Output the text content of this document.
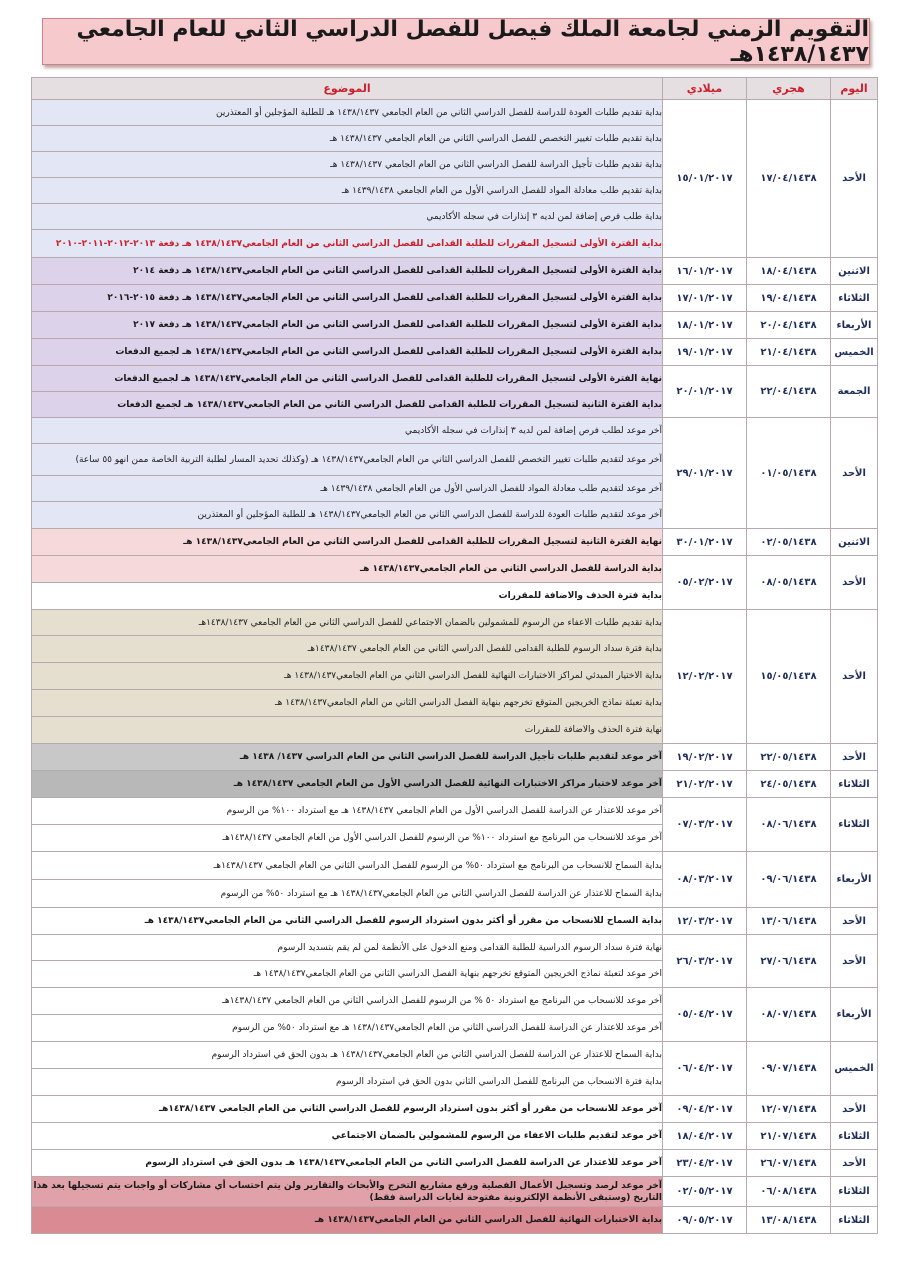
التقويم الزمني لجامعة الملك فيصل للفصل الدراسي الثاني للعام الجامعي ١٤٣٨/١٤٣٧هـ
اليوم	هجري	ميلادي	الموضوع
الأحد	١٧/٠٤/١٤٣٨	١٥/٠١/٢٠١٧	بداية تقديم طلبات العودة للدراسة للفصل الدراسي الثاني من العام الجامعي ١٤٣٨/١٤٣٧ هـ للطلبة المؤجلين أو المعتذرين
			بداية تقديم طلبات تغيير التخصص للفصل الدراسي الثاني من العام الجامعي ١٤٣٨/١٤٣٧ هـ
			بداية تقديم طلبات تأجيل الدراسة للفصل الدراسي الثاني من العام الجامعي ١٤٣٨/١٤٣٧ هـ
			بداية تقديم طلب معادلة المواد للفصل الدراسي الأول من العام الجامعي ١٤٣٩/١٤٣٨ هـ
			بداية طلب فرص إضافة لمن لديه ٣ إنذارات في سجله الأكاديمي
			بداية الفترة الأولى لتسجيل المقررات للطلبة القدامى للفصل الدراسي الثاني من العام الجامعي١٤٣٨/١٤٣٧ هـ دفعة ٢٠١٣-٢٠١٢-٢٠١١-٢٠١٠
الاثنين	١٨/٠٤/١٤٣٨	١٦/٠١/٢٠١٧	بداية الفترة الأولى لتسجيل المقررات للطلبة القدامى للفصل الدراسي الثاني من العام الجامعي١٤٣٨/١٤٣٧ هـ دفعة ٢٠١٤
الثلاثاء	١٩/٠٤/١٤٣٨	١٧/٠١/٢٠١٧	بداية الفترة الأولى لتسجيل المقررات للطلبة القدامى للفصل الدراسي الثاني من العام الجامعي١٤٣٨/١٤٣٧ هـ دفعة ٢٠١٥-٢٠١٦
الأربعاء	٢٠/٠٤/١٤٣٨	١٨/٠١/٢٠١٧	بداية الفترة الأولى لتسجيل المقررات للطلبة القدامى للفصل الدراسي الثاني من العام الجامعي١٤٣٨/١٤٣٧ هـ دفعة ٢٠١٧
الخميس	٢١/٠٤/١٤٣٨	١٩/٠١/٢٠١٧	بداية الفترة الأولى لتسجيل المقررات للطلبة القدامى للفصل الدراسي الثاني من العام الجامعي١٤٣٨/١٤٣٧ هـ لجميع الدفعات
الجمعة	٢٢/٠٤/١٤٣٨	٢٠/٠١/٢٠١٧	نهاية الفترة الأولى لتسجيل المقررات للطلبة القدامى للفصل الدراسي الثاني من العام الجامعي١٤٣٨/١٤٣٧ هـ لجميع الدفعات
			بداية الفترة الثانية لتسجيل المقررات للطلبة القدامى للفصل الدراسي الثاني من العام الجامعي١٤٣٨/١٤٣٧ هـ لجميع الدفعات
الأحد	٠١/٠٥/١٤٣٨	٢٩/٠١/٢٠١٧	آخر موعد لطلب فرص إضافة لمن لديه ٣ إنذارات في سجله الأكاديمي
			آخر موعد لتقديم طلبات تغيير التخصص للفصل الدراسي الثاني من العام الجامعي١٤٣٨/١٤٣٧ هـ (وكذلك تحديد المسار لطلبة التربية الخاصة ممن انهو ٥٥ ساعة)
			آخر موعد لتقديم طلب معادلة المواد للفصل الدراسي الأول من العام الجامعي ١٤٣٩/١٤٣٨ هـ
			آخر موعد لتقديم طلبات العودة للدراسة للفصل الدراسي الثاني من العام الجامعي١٤٣٨/١٤٣٧ هـ للطلبة المؤجلين أو المعتذرين
الاثنين	٠٢/٠٥/١٤٣٨	٣٠/٠١/٢٠١٧	نهاية الفترة الثانية لتسجيل المقررات للطلبة القدامى للفصل الدراسي الثاني من العام الجامعي١٤٣٨/١٤٣٧ هـ
الأحد	٠٨/٠٥/١٤٣٨	٠٥/٠٢/٢٠١٧	بداية الدراسة للفصل الدراسي الثاني من العام الجامعي١٤٣٨/١٤٣٧ هـ
			بداية فترة الحذف والاضافة للمقررات
الأحد	١٥/٠٥/١٤٣٨	١٢/٠٢/٢٠١٧	بداية تقديم طلبات الاعفاء من الرسوم للمشمولين بالضمان الاجتماعي للفصل الدراسي الثاني من العام الجامعي ١٤٣٨/١٤٣٧هـ
			بداية فترة سداد الرسوم للطلبة القدامى للفصل الدراسي الثاني من العام الجامعي ١٤٣٨/١٤٣٧هـ
			بداية الاختيار المبدئي لمراكز الاختبارات النهائية للفصل الدراسي الثاني من العام الجامعي١٤٣٨/١٤٣٧ هـ
			بداية تعبئة نماذج الخريجين المتوقع تخرجهم بنهاية الفصل الدراسي الثاني من العام الجامعي١٤٣٨/١٤٣٧ هـ
			نهاية فترة الحذف والاضافة للمقررات
الأحد	٢٢/٠٥/١٤٣٨	١٩/٠٢/٢٠١٧	آخر موعد لتقديم طلبات تأجيل الدراسة للفصل الدراسي الثاني من العام الدراسي ١٤٣٧/ ١٤٣٨ هـ
الثلاثاء	٢٤/٠٥/١٤٣٨	٢١/٠٢/٢٠١٧	آخر موعد لاختيار مراكز الاختبارات النهائية للفصل الدراسي الأول من العام الجامعي ١٤٣٨/١٤٣٧ هـ
الثلاثاء	٠٨/٠٦/١٤٣٨	٠٧/٠٣/٢٠١٧	آخر موعد للاعتذار عن الدراسة للفصل الدراسي الأول من العام الجامعي ١٤٣٨/١٤٣٧ هـ مع استرداد ١٠٠% من الرسوم
			آخر موعد للانسحاب من البرنامج مع استرداد ١٠٠% من الرسوم للفصل الدراسي الأول من العام الجامعي ١٤٣٨/١٤٣٧هـ
الأربعاء	٠٩/٠٦/١٤٣٨	٠٨/٠٣/٢٠١٧	بداية السماح للانسحاب من البرنامج مع استرداد ٥٠% من الرسوم للفصل الدراسي الثاني من العام الجامعي ١٤٣٨/١٤٣٧هـ
			بداية السماح للاعتذار عن الدراسة للفصل الدراسي الثاني من العام الجامعي١٤٣٨/١٤٣٧ هـ مع استرداد ٥٠% من الرسوم
الأحد	١٣/٠٦/١٤٣٨	١٢/٠٣/٢٠١٧	بداية السماح للانسحاب من مقرر أو أكثر بدون استرداد الرسوم للفصل الدراسي الثاني من العام الجامعي١٤٣٨/١٤٣٧ هـ
الأحد	٢٧/٠٦/١٤٣٨	٢٦/٠٣/٢٠١٧	نهاية فترة سداد الرسوم الدراسية للطلبة القدامى ومنع الدخول على الأنظمة لمن لم يقم بتسديد الرسوم
			اخر موعد لتعبئة نماذج الخريجين المتوقع تخرجهم بنهاية الفصل الدراسي الثاني من العام الجامعي١٤٣٨/١٤٣٧ هـ
الأربعاء	٠٨/٠٧/١٤٣٨	٠٥/٠٤/٢٠١٧	آخر موعد للانسحاب من البرنامج مع استرداد ٥٠ % من الرسوم للفصل الدراسي الثاني من العام الجامعي ١٤٣٨/١٤٣٧هـ
			آخر موعد للاعتذار عن الدراسة للفصل الدراسي الثاني من العام الجامعي١٤٣٨/١٤٣٧ هـ مع استرداد ٥٠% من الرسوم
الخميس	٠٩/٠٧/١٤٣٨	٠٦/٠٤/٢٠١٧	بداية السماح للاعتذار عن الدراسة للفصل الدراسي الثاني من العام الجامعي١٤٣٨/١٤٣٧ هـ بدون الحق في استرداد الرسوم
			بداية فترة الانسحاب من البرنامج للفصل الدراسي الثاني بدون الحق في استرداد الرسوم
الأحد	١٢/٠٧/١٤٣٨	٠٩/٠٤/٢٠١٧	آخر موعد للانسحاب من مقرر أو أكثر بدون استرداد الرسوم للفصل الدراسي الثاني من العام الجامعي ١٤٣٨/١٤٣٧هـ
الثلاثاء	٢١/٠٧/١٤٣٨	١٨/٠٤/٢٠١٧	آخر موعد لتقديم طلبات الاعفاء من الرسوم للمشمولين بالضمان الاجتماعي
الأحد	٢٦/٠٧/١٤٣٨	٢٣/٠٤/٢٠١٧	آخر موعد للاعتذار عن الدراسة للفصل الدراسي الثاني من العام الجامعي١٤٣٨/١٤٣٧ هـ بدون الحق في استرداد الرسوم
الثلاثاء	٠٦/٠٨/١٤٣٨	٠٢/٠٥/٢٠١٧	آخر موعد لرصد وتسجيل الأعمال الفصلية ورفع مشاريع التخرج والأبحاث والتقارير ولن يتم احتساب أي مشاركات أو واجبات يتم تسجيلها بعد هذا التاريخ (وستبقى الأنظمة الإلكترونية مفتوحة لغايات الدراسة فقط)
الثلاثاء	١٣/٠٨/١٤٣٨	٠٩/٠٥/٢٠١٧	بداية الاختبارات النهائية للفصل الدراسي الثاني من العام الجامعي١٤٣٨/١٤٣٧ هـ
